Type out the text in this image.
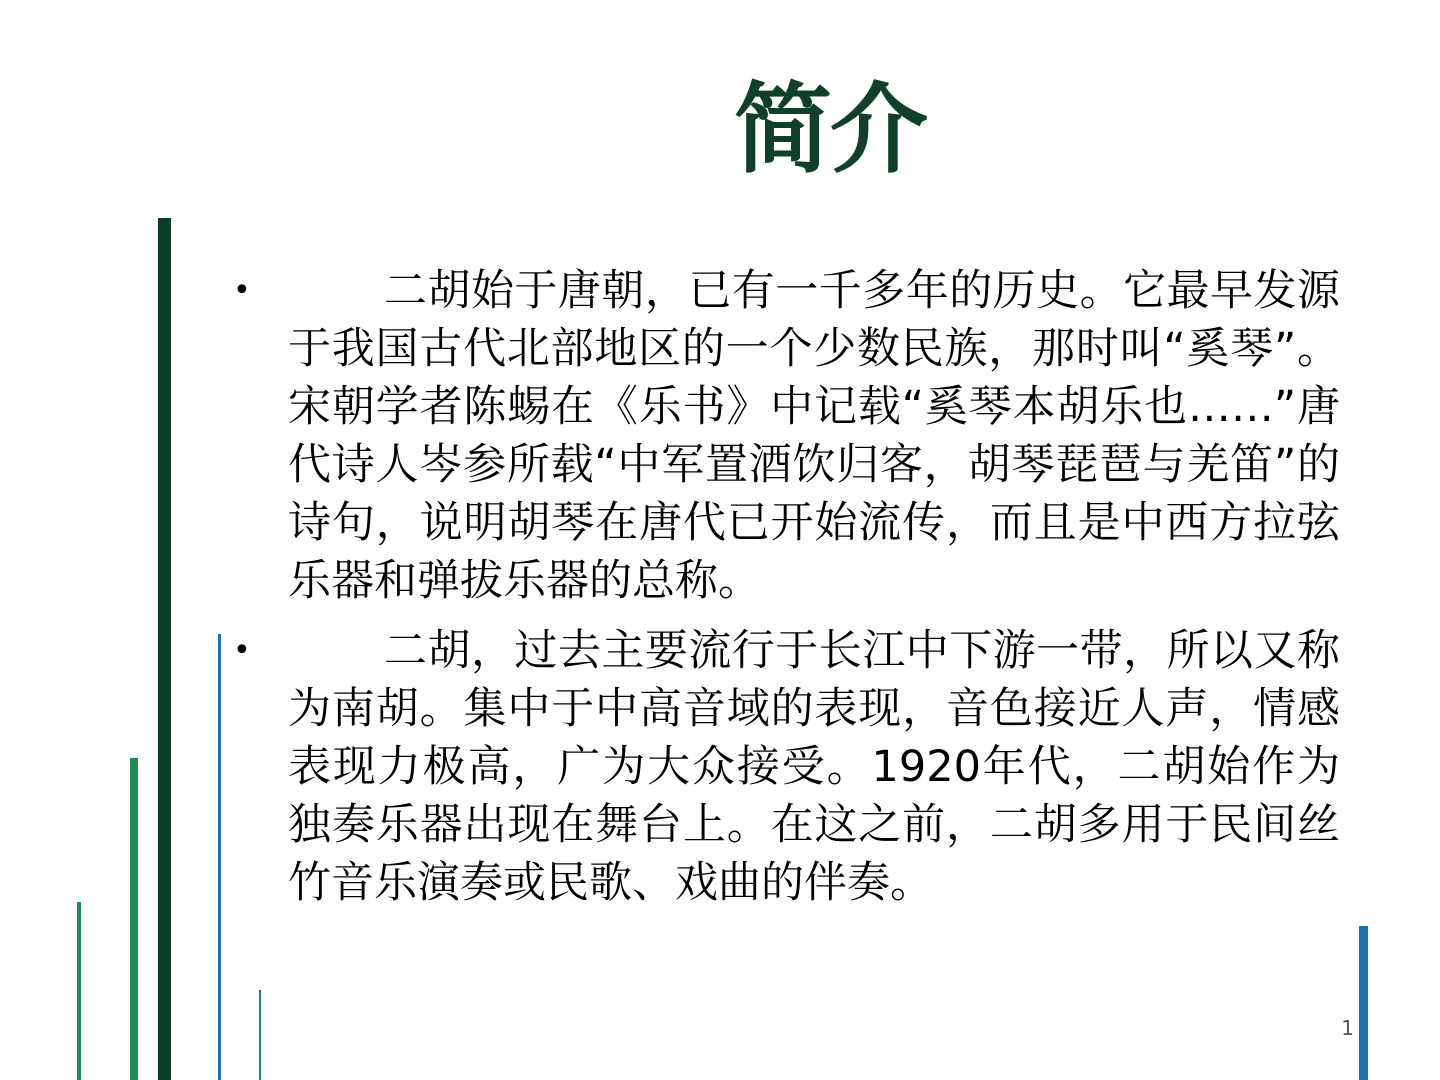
简介
•	二胡始于唐朝，已有一千多年的历史。它最早发源于我国古代北部地区的一个少数民族，那时叫“奚琴”。宋朝学者陈蜴在《乐书》中记载“奚琴本胡乐也……”唐代诗人岑参所载“中军置酒饮归客，胡琴琵琶与羌笛”的诗句，说明胡琴在唐代已开始流传，而且是中西方拉弦乐器和弹拔乐器的总称。
•	二胡，过去主要流行于长江中下游一带，所以又称为南胡。集中于中高音域的表现，音色接近人声，情感表现力极高，广为大众接受。1920年代，二胡始作为独奏乐器出现在舞台上。在这之前，二胡多用于民间丝竹音乐演奏或民歌、戏曲的伴奏。
1
